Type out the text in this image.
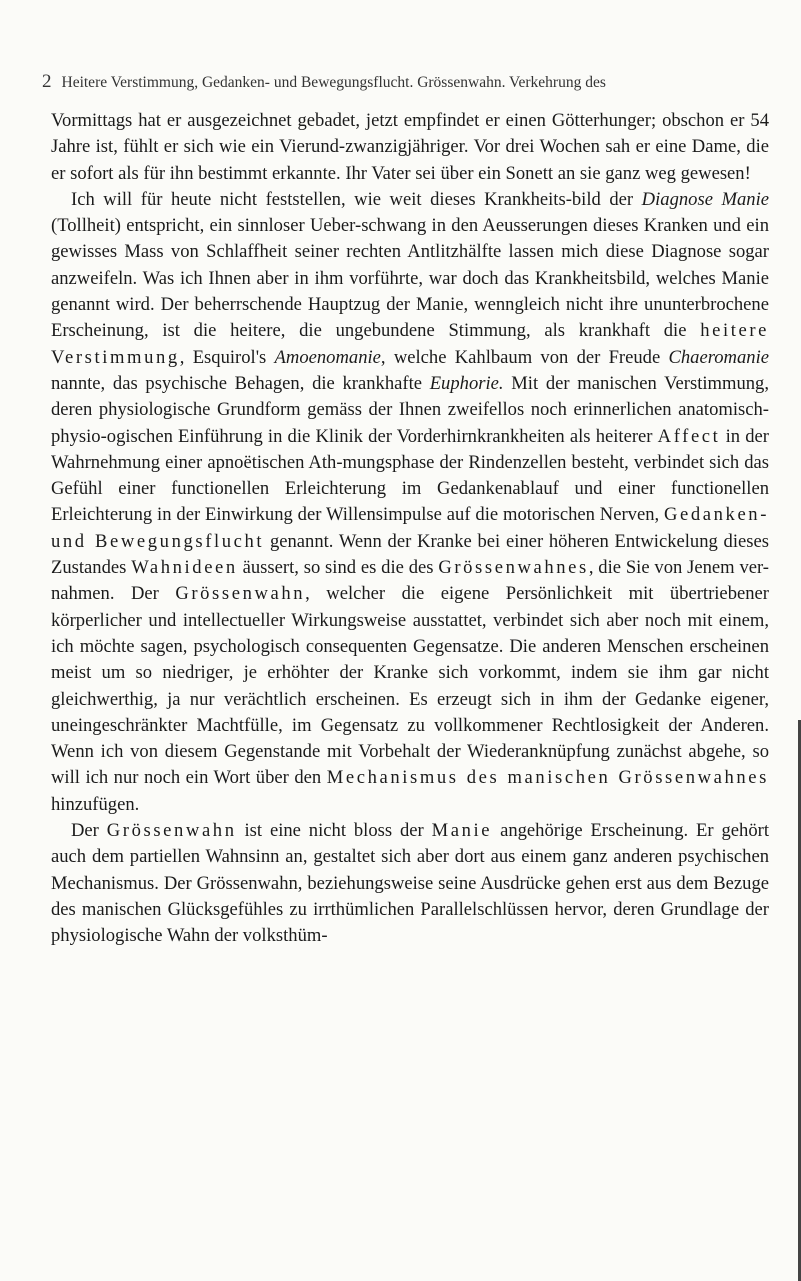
2 Heitere Verstimmung, Gedanken- und Bewegungsflucht. Grössenwahn. Verkehrung des

Vormittags hat er ausgezeichnet gebadet, jetzt empfindet er einen Götterhunger; obschon er 54 Jahre ist, fühlt er sich wie ein Vierund-zwanzigjähriger. Vor drei Wochen sah er eine Dame, die er sofort als für ihn bestimmt erkannte. Ihr Vater sei über ein Sonett an sie ganz weg gewesen!

Ich will für heute nicht feststellen, wie weit dieses Krankheits-bild der Diagnose Manie (Tollheit) entspricht, ein sinnloser Ueber-schwang in den Aeusserungen dieses Kranken und ein gewisses Mass von Schlaffheit seiner rechten Antlitzhälfte lassen mich diese Diagnose sogar anzweifeln. Was ich Ihnen aber in ihm vorführte, war doch das Krankheitsbild, welches Manie genannt wird. Der beherrschende Hauptzug der Manie, wenngleich nicht ihre ununterbrochene Erscheinung, ist die heitere, die ungebundene Stimmung, als krankhaft die heitere Verstimmung, Esquirol's Amoenomanie, welche Kahlbaum von der Freude Chaeromanie nannte, das psychische Behagen, die krankhafte Euphorie. Mit der manischen Verstimmung, deren physiologische Grundform gemäss der Ihnen zweifellos noch erinnerlichen anatomisch-physio-ogischen Einführung in die Klinik der Vorderhirnkrankheiten als heiterer Affect in der Wahrnehmung einer apnoëtischen Ath-mungsphase der Rindenzellen besteht, verbindet sich das Gefühl einer functionellen Erleichterung im Gedankenablauf und einer functionellen Erleichterung in der Einwirkung der Willensimpulse auf die motorischen Nerven, Gedanken- und Bewegungsflucht genannt. Wenn der Kranke bei einer höheren Entwickelung dieses Zustandes Wahnideen äussert, so sind es die des Grössenwahnes, die Sie von Jenem ver-nahmen. Der Grössenwahn, welcher die eigene Persönlichkeit mit übertriebener körperlicher und intellectueller Wirkungsweise ausstattet, verbindet sich aber noch mit einem, ich möchte sagen, psychologisch consequenten Gegensatze. Die anderen Menschen erscheinen meist um so niedriger, je erhöhter der Kranke sich vorkommt, indem sie ihm gar nicht gleichwerthig, ja nur verächtlich erscheinen. Es erzeugt sich in ihm der Gedanke eigener, uneingeschränkter Machtfülle, im Gegensatz zu vollkommener Rechtlosigkeit der Anderen. Wenn ich von diesem Gegenstande mit Vorbehalt der Wiederanknüpfung zunächst abgehe, so will ich nur noch ein Wort über den Mechanismus des manischen Grössenwahnes hinzufügen.

Der Grössenwahn ist eine nicht bloss der Manie angehörige Erscheinung. Er gehört auch dem partiellen Wahnsinn an, gestaltet sich aber dort aus einem ganz anderen psychischen Mechanismus. Der Grössenwahn, beziehungsweise seine Ausdrücke gehen erst aus dem Bezuge des manischen Glücksgefühles zu irrthümlichen Parallelschlüssen hervor, deren Grundlage der physiologische Wahn der volksthüm-
